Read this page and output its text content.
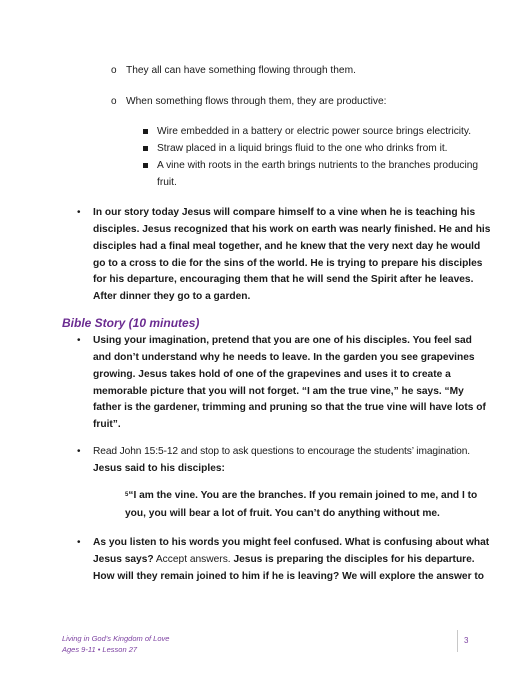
o They all can have something flowing through them.
o When something flows through them, they are productive:
Wire embedded in a battery or electric power source brings electricity.
Straw placed in a liquid brings fluid to the one who drinks from it.
A vine with roots in the earth brings nutrients to the branches producing
fruit.
• In our story today Jesus will compare himself to a vine when he is teaching his
disciples. Jesus recognized that his work on earth was nearly finished. He and his
disciples had a final meal together, and he knew that the very next day he would
go to a cross to die for the sins of the world. He is trying to prepare his disciples
for his departure, encouraging them that he will send the Spirit after he leaves.
After dinner they go to a garden.
Bible Story (10 minutes)
• Using your imagination, pretend that you are one of his disciples. You feel sad
and don’t understand why he needs to leave. In the garden you see grapevines
growing. Jesus takes hold of one of the grapevines and uses it to create a
memorable picture that you will not forget. “I am the true vine,” he says. “My
father is the gardener, trimming and pruning so that the true vine will have lots of
fruit”.
• Read John 15:5-12 and stop to ask questions to encourage the students’ imagination.
Jesus said to his disciples:
$^5$“I am the vine. You are the branches. If you remain joined to me, and I to
you, you will bear a lot of fruit. You can’t do anything without me.
• As you listen to his words you might feel confused. What is confusing about what
Jesus says? Accept answers. Jesus is preparing the disciples for his departure.
How will they remain joined to him if he is leaving? We will explore the answer to
Living in God’s Kingdom of Love
Ages 9-11 • Lesson 27
3
